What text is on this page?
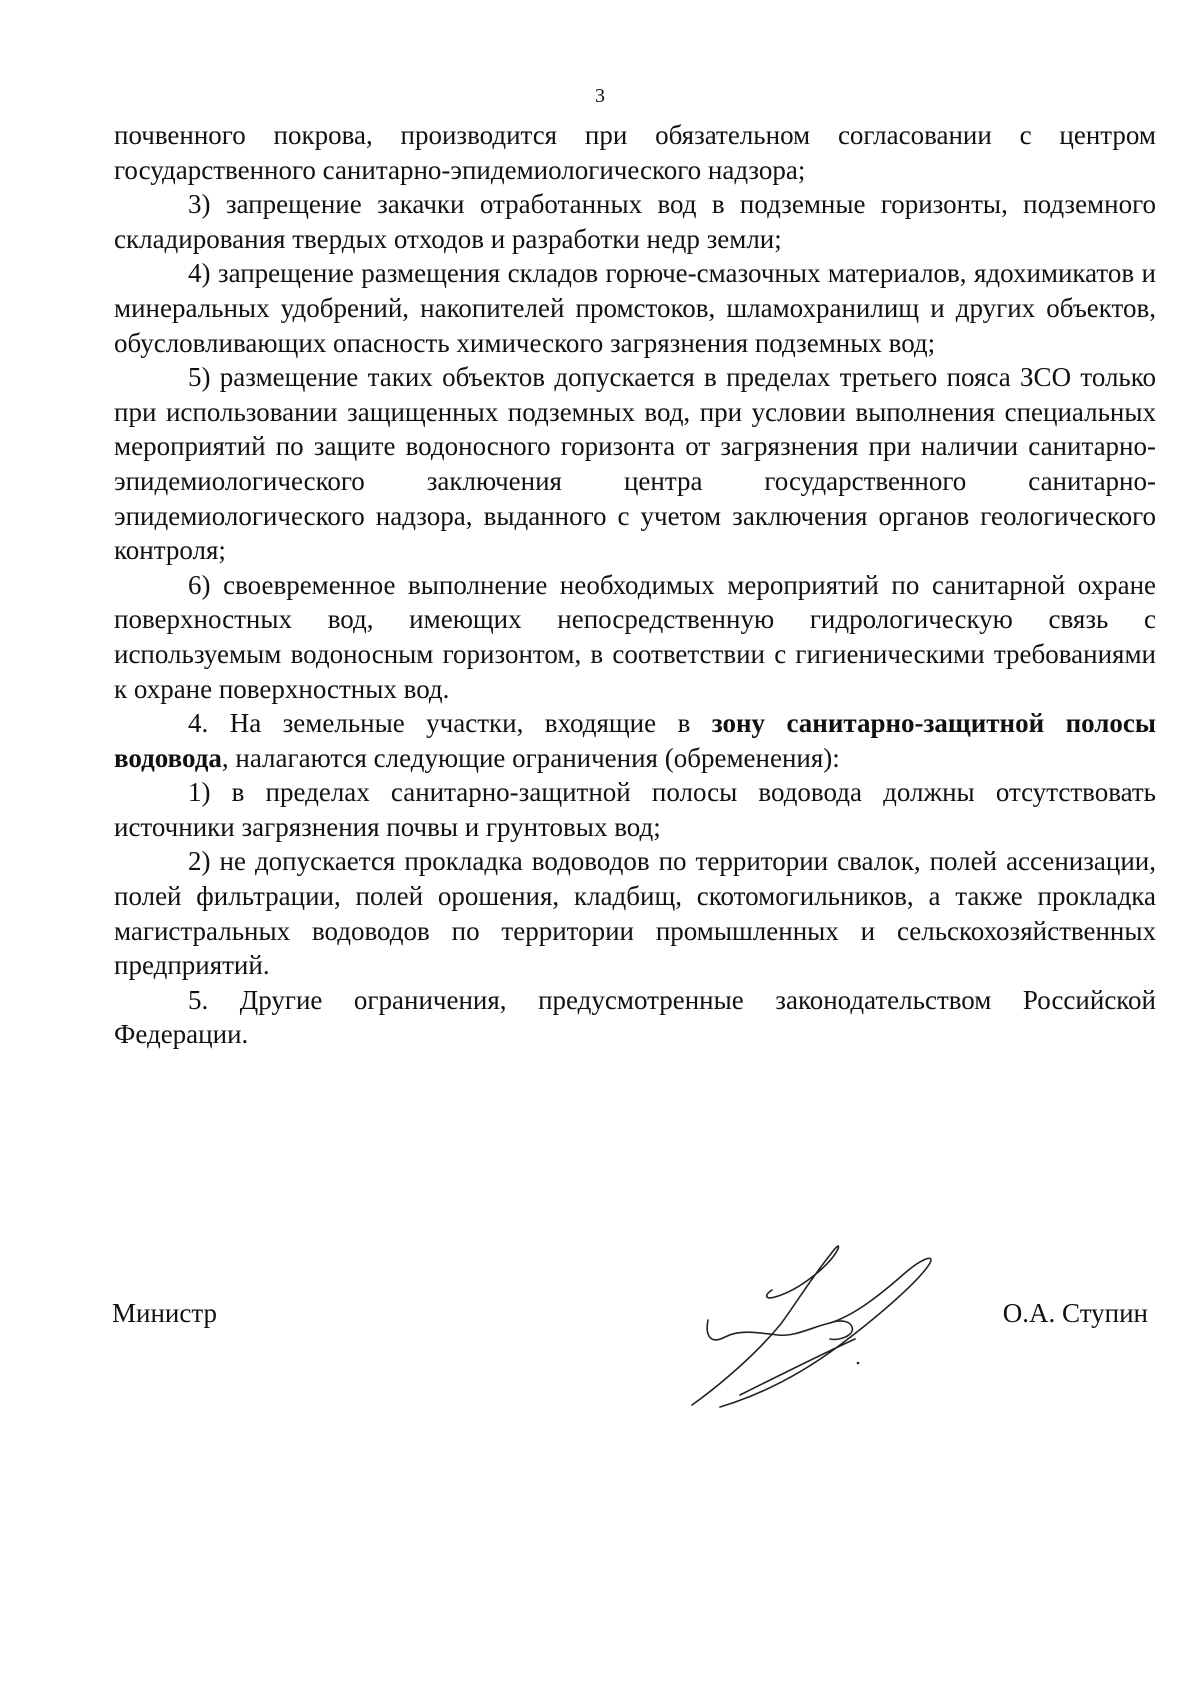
3

почвенного покрова, производится при обязательном согласовании с центром государственного санитарно-эпидемиологического надзора;

3) запрещение закачки отработанных вод в подземные горизонты, подземного складирования твердых отходов и разработки недр земли;

4) запрещение размещения складов горюче-смазочных материалов, ядохимикатов и минеральных удобрений, накопителей промстоков, шламохранилищ и других объектов, обусловливающих опасность химического загрязнения подземных вод;

5) размещение таких объектов допускается в пределах третьего пояса ЗСО только при использовании защищенных подземных вод, при условии выполнения специальных мероприятий по защите водоносного горизонта от загрязнения при наличии санитарно-эпидемиологического заключения центра государственного санитарно-эпидемиологического надзора, выданного с учетом заключения органов геологического контроля;

6) своевременное выполнение необходимых мероприятий по санитарной охране поверхностных вод, имеющих непосредственную гидрологическую связь с используемым водоносным горизонтом, в соответствии с гигиеническими требованиями к охране поверхностных вод.

4. На земельные участки, входящие в зону санитарно-защитной полосы водовода, налагаются следующие ограничения (обременения):

1) в пределах санитарно-защитной полосы водовода должны отсутствовать источники загрязнения почвы и грунтовых вод;

2) не допускается прокладка водоводов по территории свалок, полей ассенизации, полей фильтрации, полей орошения, кладбищ, скотомогильников, а также прокладка магистральных водоводов по территории промышленных и сельскохозяйственных предприятий.

5. Другие ограничения, предусмотренные законодательством Российской Федерации.

Министр	О.А. Ступин
